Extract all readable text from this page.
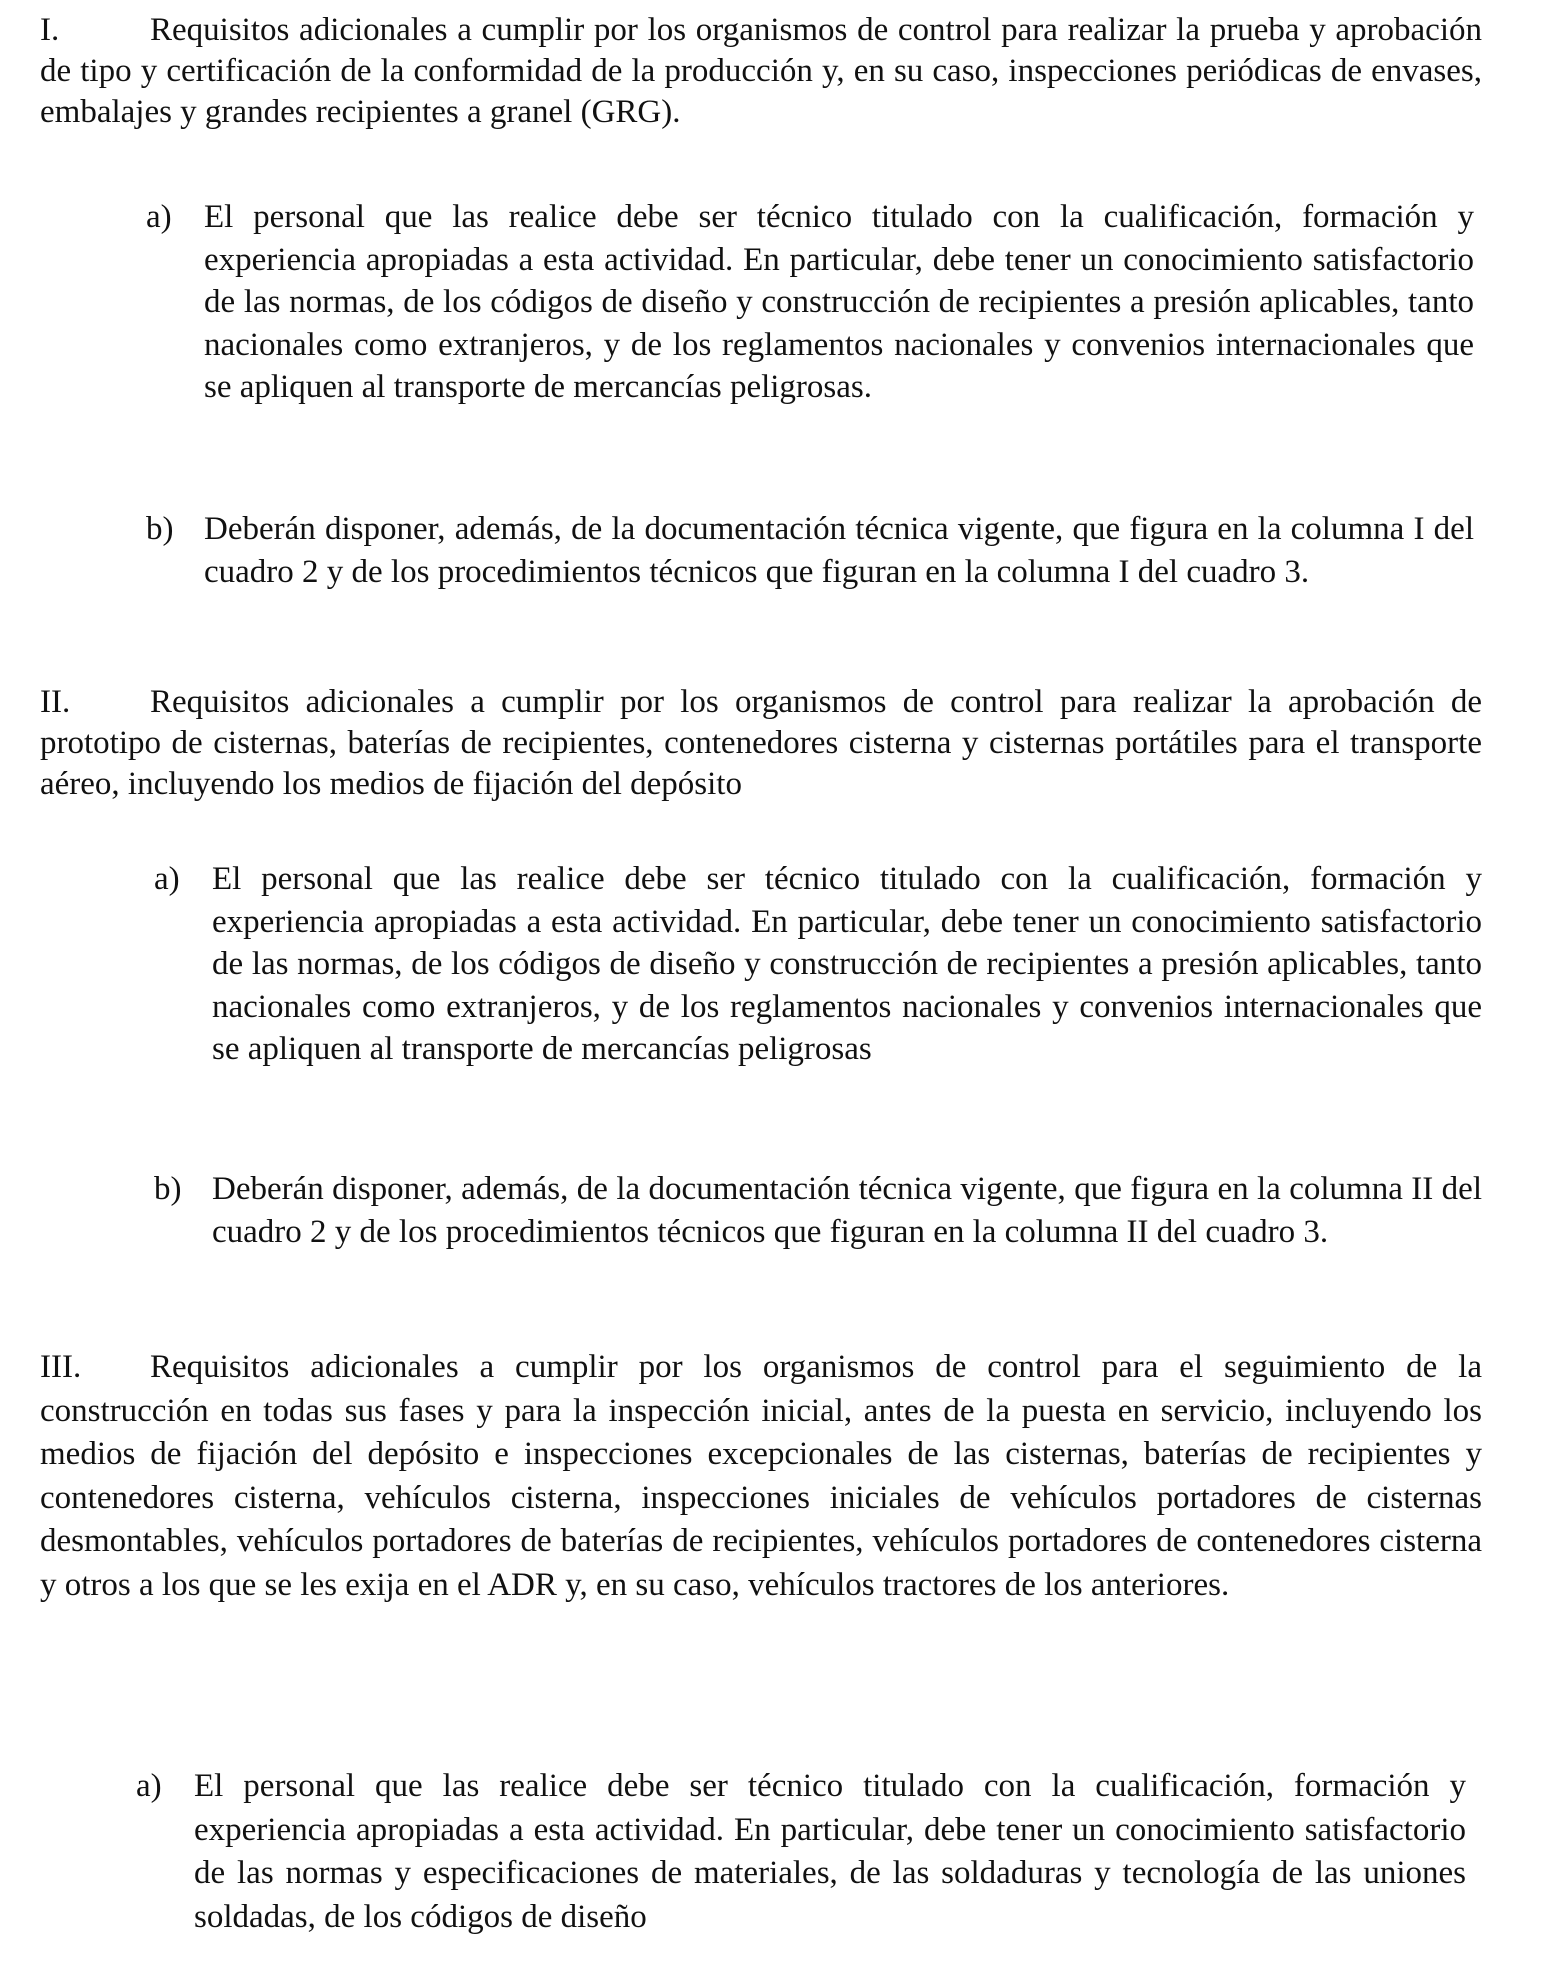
I.	Requisitos adicionales a cumplir por los organismos de control para realizar la prueba y aprobación de tipo y certificación de la conformidad de la producción y, en su caso, inspecciones periódicas de envases, embalajes y grandes recipientes a granel (GRG).
a) El personal que las realice debe ser técnico titulado con la cualificación, formación y experiencia apropiadas a esta actividad. En particular, debe tener un conocimiento satisfactorio de las normas, de los códigos de diseño y construcción de recipientes a presión aplicables, tanto nacionales como extranjeros, y de los reglamentos nacionales y convenios internacionales que se apliquen al transporte de mercancías peligrosas.
b) Deberán disponer, además, de la documentación técnica vigente, que figura en la columna I del cuadro 2 y de los procedimientos técnicos que figuran en la columna I del cuadro 3.
II. Requisitos adicionales a cumplir por los organismos de control para realizar la aprobación de prototipo de cisternas, baterías de recipientes, contenedores cisterna y cisternas portátiles para el transporte aéreo, incluyendo los medios de fijación del depósito
a) El personal que las realice debe ser técnico titulado con la cualificación, formación y experiencia apropiadas a esta actividad. En particular, debe tener un conocimiento satisfactorio de las normas, de los códigos de diseño y construcción de recipientes a presión aplicables, tanto nacionales como extranjeros, y de los reglamentos nacionales y convenios internacionales que se apliquen al transporte de mercancías peligrosas
b) Deberán disponer, además, de la documentación técnica vigente, que figura en la columna II del cuadro 2 y de los procedimientos técnicos que figuran en la columna II del cuadro 3.
III. Requisitos adicionales a cumplir por los organismos de control para el seguimiento de la construcción en todas sus fases y para la inspección inicial, antes de la puesta en servicio, incluyendo los medios de fijación del depósito e inspecciones excepcionales de las cisternas, baterías de recipientes y contenedores cisterna, vehículos cisterna, inspecciones iniciales de vehículos portadores de cisternas desmontables, vehículos portadores de baterías de recipientes, vehículos portadores de contenedores cisterna y otros a los que se les exija en el ADR y, en su caso, vehículos tractores de los anteriores.
a) El personal que las realice debe ser técnico titulado con la cualificación, formación y experiencia apropiadas a esta actividad. En particular, debe tener un conocimiento satisfactorio de las normas y especificaciones de materiales, de las soldaduras y tecnología de las uniones soldadas, de los códigos de diseño
